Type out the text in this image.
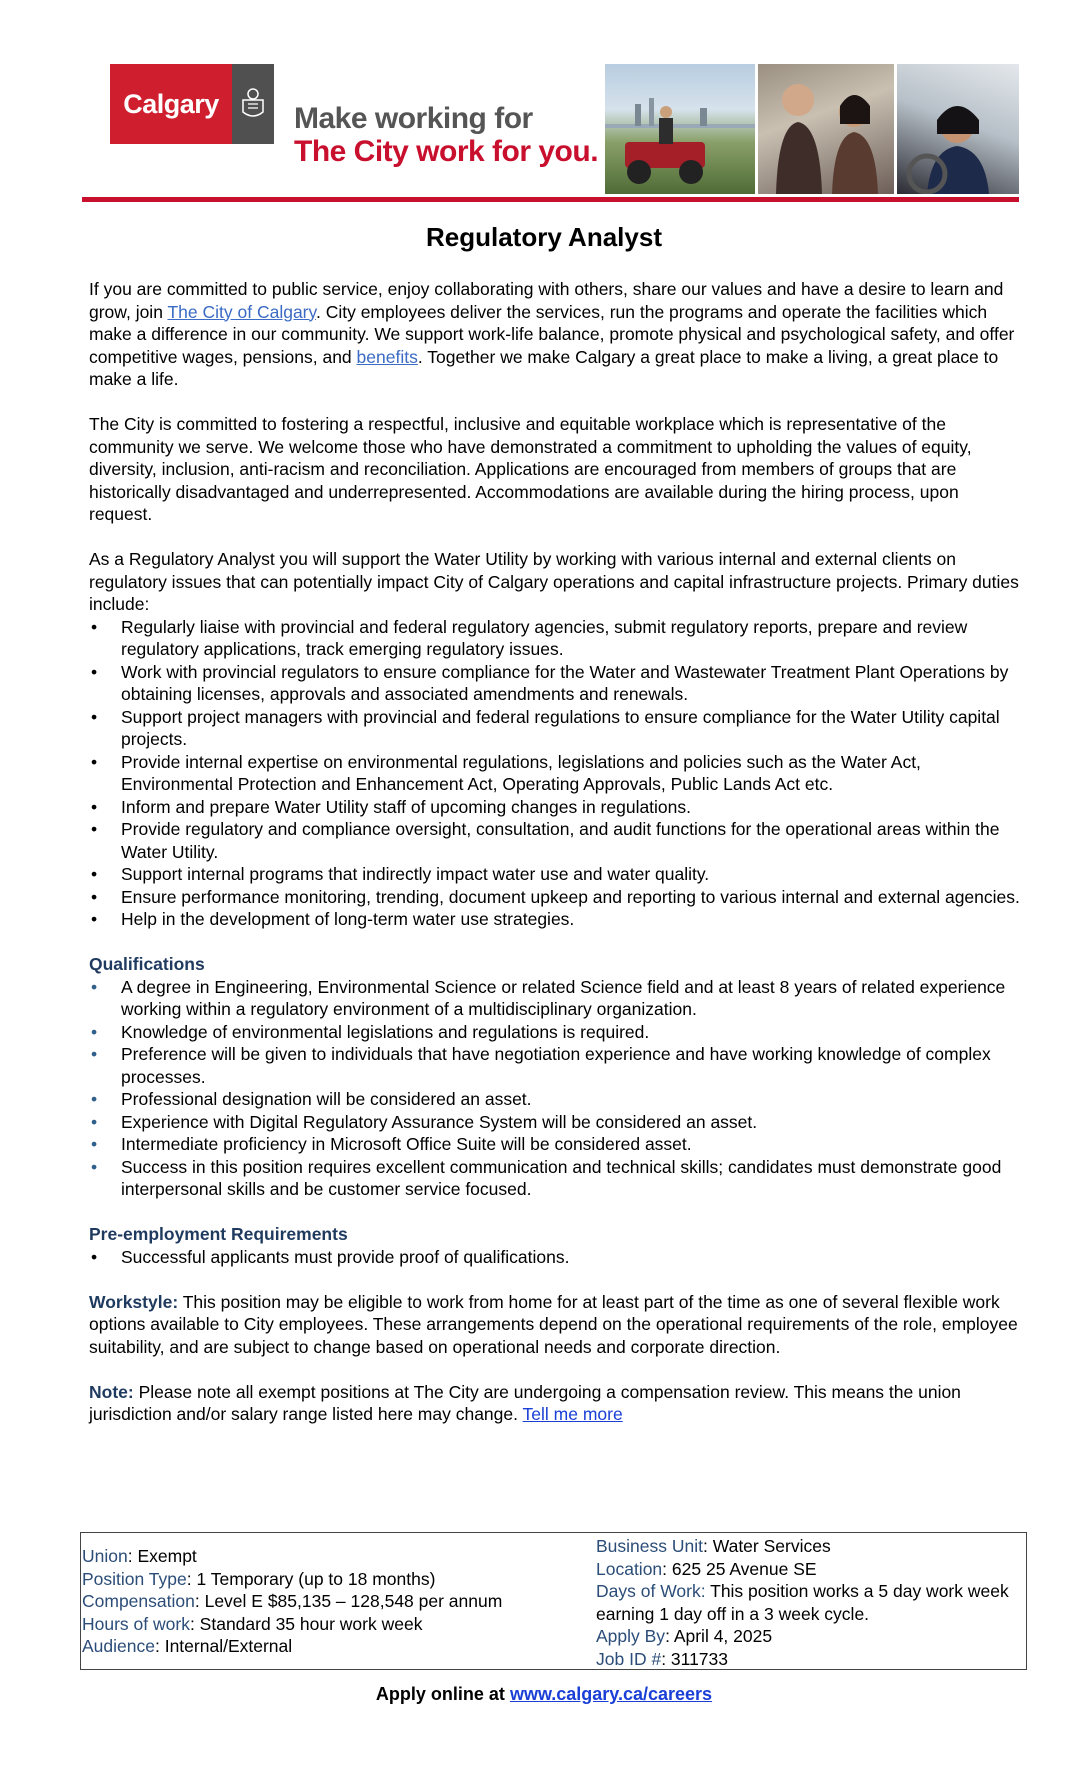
Calgary	Make working for
The City work for you.
Regulatory Analyst

If you are committed to public service, enjoy collaborating with others, share our values and have a desire to learn and grow, join The City of Calgary. City employees deliver the services, run the programs and operate the facilities which make a difference in our community. We support work-life balance, promote physical and psychological safety, and offer competitive wages, pensions, and benefits. Together we make Calgary a great place to make a living, a great place to make a life.

The City is committed to fostering a respectful, inclusive and equitable workplace which is representative of the community we serve. We welcome those who have demonstrated a commitment to upholding the values of equity, diversity, inclusion, anti-racism and reconciliation. Applications are encouraged from members of groups that are historically disadvantaged and underrepresented. Accommodations are available during the hiring process, upon request.

As a Regulatory Analyst you will support the Water Utility by working with various internal and external clients on regulatory issues that can potentially impact City of Calgary operations and capital infrastructure projects. Primary duties include:

• Regularly liaise with provincial and federal regulatory agencies, submit regulatory reports, prepare and review regulatory applications, track emerging regulatory issues.
• Work with provincial regulators to ensure compliance for the Water and Wastewater Treatment Plant Operations by obtaining licenses, approvals and associated amendments and renewals.
• Support project managers with provincial and federal regulations to ensure compliance for the Water Utility capital projects.
• Provide internal expertise on environmental regulations, legislations and policies such as the Water Act, Environmental Protection and Enhancement Act, Operating Approvals, Public Lands Act etc.
• Inform and prepare Water Utility staff of upcoming changes in regulations.
• Provide regulatory and compliance oversight, consultation, and audit functions for the operational areas within the Water Utility.
• Support internal programs that indirectly impact water use and water quality.
• Ensure performance monitoring, trending, document upkeep and reporting to various internal and external agencies.
• Help in the development of long-term water use strategies.

Qualifications

• A degree in Engineering, Environmental Science or related Science field and at least 8 years of related experience working within a regulatory environment of a multidisciplinary organization.
• Knowledge of environmental legislations and regulations is required.
• Preference will be given to individuals that have negotiation experience and have working knowledge of complex processes.
• Professional designation will be considered an asset.
• Experience with Digital Regulatory Assurance System will be considered an asset.
• Intermediate proficiency in Microsoft Office Suite will be considered asset.
• Success in this position requires excellent communication and technical skills; candidates must demonstrate good interpersonal skills and be customer service focused.

Pre-employment Requirements

• Successful applicants must provide proof of qualifications.

Workstyle: This position may be eligible to work from home for at least part of the time as one of several flexible work options available to City employees. These arrangements depend on the operational requirements of the role, employee suitability, and are subject to change based on operational needs and corporate direction.

Note: Please note all exempt positions at The City are undergoing a compensation review. This means the union jurisdiction and/or salary range listed here may change. Tell me more

Union: Exempt
Position Type: 1 Temporary (up to 18 months)
Compensation: Level E $85,135 – 128,548 per annum
Hours of work: Standard 35 hour work week
Audience: Internal/External
Business Unit: Water Services
Location: 625 25 Avenue SE
Days of Work: This position works a 5 day work week earning 1 day off in a 3 week cycle.
Apply By: April 4, 2025
Job ID #: 311733
Apply online at www.calgary.ca/careers
